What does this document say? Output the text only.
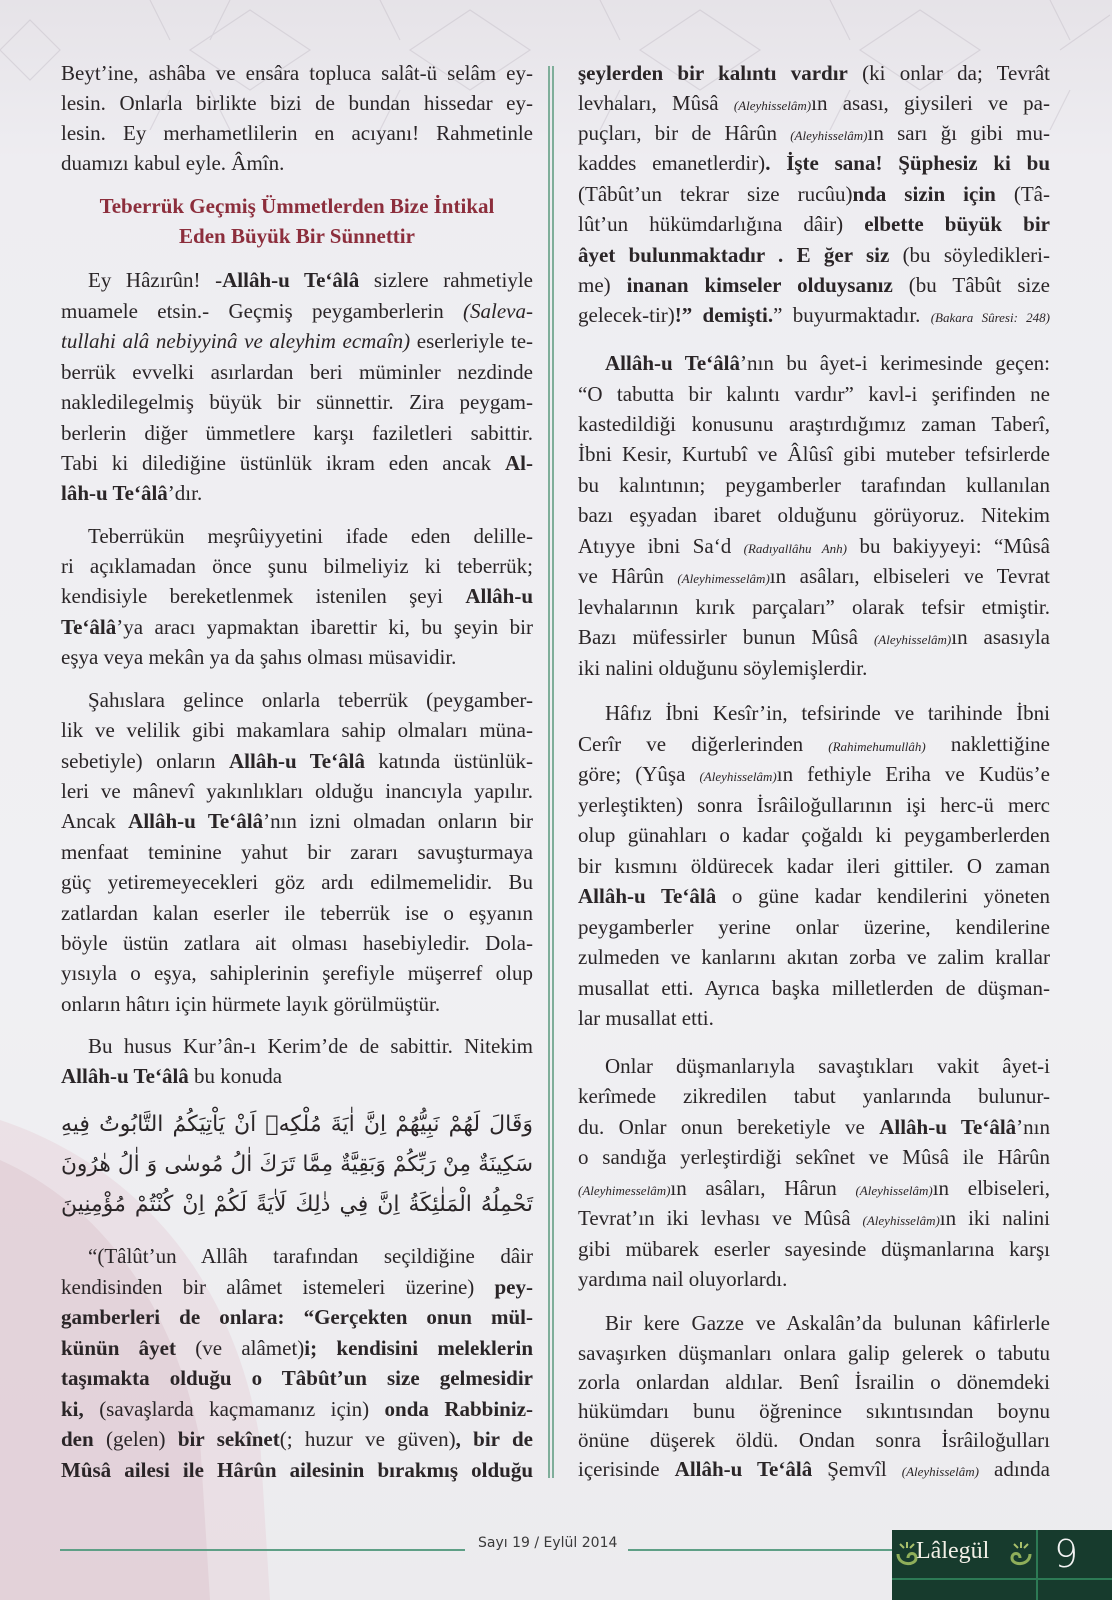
Beyt’ine, ashâba ve ensâra topluca salât-ü selâm ey-
lesin. Onlarla birlikte bizi de bundan hissedar ey-
lesin. Ey merhametlilerin en acıyanı! Rahmetinle
duamızı kabul eyle. Âmîn.
Teberrük Geçmiş Ümmetlerden Bize İntikal
Eden Büyük Bir Sünnettir
Ey Hâzırûn! -Allâh-u Te‘âlâ sizlere rahmetiyle
muamele etsin.- Geçmiş peygamberlerin (Saleva-
tullahi alâ nebiyyinâ ve aleyhim ecmaîn) eserleriyle te-
berrük evvelki asırlardan beri müminler nezdinde
nakledilegelmiş büyük bir sünnettir. Zira peygam-
berlerin diğer ümmetlere karşı faziletleri sabittir.
Tabi ki dilediğine üstünlük ikram eden ancak Al-
lâh-u Te‘âlâ’dır.
Teberrükün meşrûiyyetini ifade eden delille-
ri açıklamadan önce şunu bilmeliyiz ki teberrük;
kendisiyle bereketlenmek istenilen şeyi Allâh-u
Te‘âlâ’ya aracı yapmaktan ibarettir ki, bu şeyin bir
eşya veya mekân ya da şahıs olması müsavidir.
Şahıslara gelince onlarla teberrük (peygamber-
lik ve velilik gibi makamlara sahip olmaları müna-
sebetiyle) onların Allâh-u Te‘âlâ katında üstünlük-
leri ve mânevî yakınlıkları olduğu inancıyla yapılır.
Ancak Allâh-u Te‘âlâ’nın izni olmadan onların bir
menfaat teminine yahut bir zararı savuşturmaya
güç yetiremeyecekleri göz ardı edilmemelidir. Bu
zatlardan kalan eserler ile teberrük ise o eşyanın
böyle üstün zatlara ait olması hasebiyledir. Dola-
yısıyla o eşya, sahiplerinin şerefiyle müşerref olup
onların hâtırı için hürmete layık görülmüştür.
Bu husus Kur’ân-ı Kerim’de de sabittir. Nitekim
Allâh-u Te‘âlâ bu konuda
وَقَالَ لَهُمْ نَبِيُّهُمْ اِنَّ اٰيَةَ مُلْكِهٖ اَنْ يَاْتِيَكُمُ التَّابُوتُ فِيهِ
سَكِينَةٌ مِنْ رَبِّكُمْ وَبَقِيَّةٌ مِمَّا تَرَكَ اٰلُ مُوسٰى وَ اٰلُ هٰرُونَ
تَحْمِلُهُ الْمَلٰئِكَةُ اِنَّ فِي ذٰلِكَ لَاٰيَةً لَكُمْ اِنْ كُنْتُمْ مُؤْمِنِينَ
“(Tâlût’un Allâh tarafından seçildiğine dâir
kendisinden bir alâmet istemeleri üzerine) pey-
gamberleri de onlara: “Gerçekten onun mül-
künün âyet (ve alâmet)i; kendisini meleklerin
taşımakta olduğu o Tâbût’un size gelmesidir
ki, (savaşlarda kaçmamanız için) onda Rabbiniz-
den (gelen) bir sekînet(; huzur ve güven), bir de
Mûsâ ailesi ile Hârûn ailesinin bırakmış olduğu
şeylerden bir kalıntı vardır (ki onlar da; Tevrât
levhaları, Mûsâ (Aleyhisselâm)ın asası, giysileri ve pa-
puçları, bir de Hârûn (Aleyhisselâm)ın sarı ğı gibi mu-
kaddes emanetlerdir). İşte sana! Şüphesiz ki bu
(Tâbût’un tekrar size rucûu)nda sizin için (Tâ-
lût’un hükümdarlığına dâir) elbette büyük bir
âyet bulunmaktadır . E ğer siz (bu söyledikleri-
me) inanan kimseler olduysanız (bu Tâbût size
gelecek-tir)!” demişti.” buyurmaktadır. (Bakara Sûresi: 248)
Allâh-u Te‘âlâ’nın bu âyet-i kerimesinde geçen:
“O tabutta bir kalıntı vardır” kavl-i şerifinden ne
kastedildiği konusunu araştırdığımız zaman Taberî,
İbni Kesir, Kurtubî ve Âlûsî gibi muteber tefsirlerde
bu kalıntının; peygamberler tarafından kullanılan
bazı eşyadan ibaret olduğunu görüyoruz. Nitekim
Atıyye ibni Sa‘d (Radıyallâhu Anh) bu bakiyyeyi: “Mûsâ
ve Hârûn (Aleyhimesselâm)ın asâları, elbiseleri ve Tevrat
levhalarının kırık parçaları” olarak tefsir etmiştir.
Bazı müfessirler bunun Mûsâ (Aleyhisselâm)ın asasıyla
iki nalini olduğunu söylemişlerdir.
Hâfız İbni Kesîr’in, tefsirinde ve tarihinde İbni
Cerîr ve diğerlerinden (Rahimehumullâh) naklettiğine
göre; (Yûşa (Aleyhisselâm)ın fethiyle Eriha ve Kudüs’e
yerleştikten) sonra İsrâiloğullarının işi herc-ü merc
olup günahları o kadar çoğaldı ki peygamberlerden
bir kısmını öldürecek kadar ileri gittiler. O zaman
Allâh-u Te‘âlâ o güne kadar kendilerini yöneten
peygamberler yerine onlar üzerine, kendilerine
zulmeden ve kanlarını akıtan zorba ve zalim krallar
musallat etti. Ayrıca başka milletlerden de düşman-
lar musallat etti.
Onlar düşmanlarıyla savaştıkları vakit âyet-i
kerîmede zikredilen tabut yanlarında bulunur-
du. Onlar onun bereketiyle ve Allâh-u Te‘âlâ’nın
o sandığa yerleştirdiği sekînet ve Mûsâ ile Hârûn
(Aleyhimesselâm)ın asâları, Hârun (Aleyhisselâm)ın elbiseleri,
Tevrat’ın iki levhası ve Mûsâ (Aleyhisselâm)ın iki nalini
gibi mübarek eserler sayesinde düşmanlarına karşı
yardıma nail oluyorlardı.
Bir kere Gazze ve Askalân’da bulunan kâfirlerle
savaşırken düşmanları onlara galip gelerek o tabutu
zorla onlardan aldılar. Benî İsrailin o dönemdeki
hükümdarı bunu öğrenince sıkıntısından boynu
önüne düşerek öldü. Ondan sonra İsrâiloğulları
içerisinde Allâh-u Te‘âlâ Şemvîl (Aleyhisselâm) adında
Sayı 19 / Eylül 2014	Lâlegül 9
